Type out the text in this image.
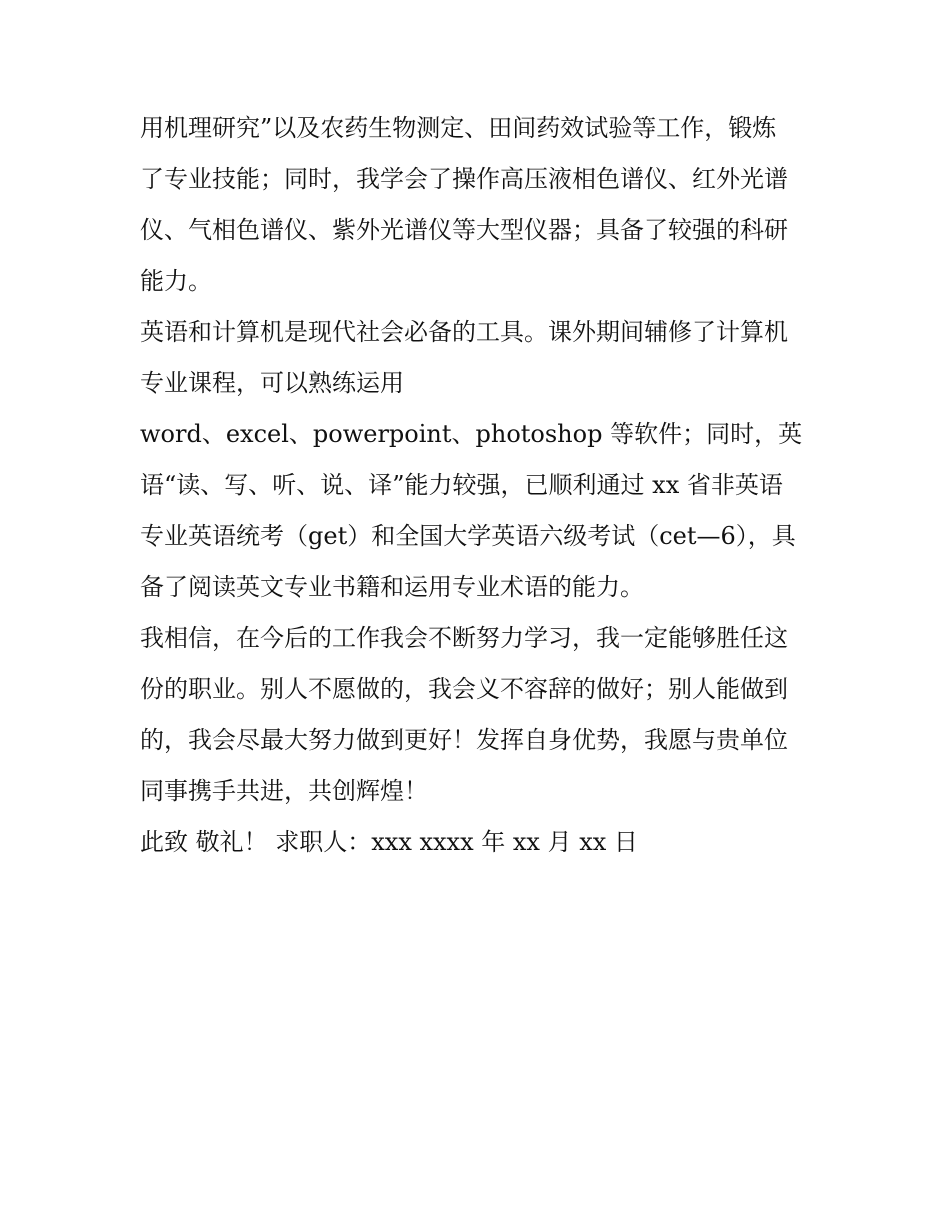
用机理研究”以及农药生物测定、田间药效试验等工作，锻炼
了专业技能；同时，我学会了操作高压液相色谱仪、红外光谱
仪、气相色谱仪、紫外光谱仪等大型仪器；具备了较强的科研
能力。
英语和计算机是现代社会必备的工具。课外期间辅修了计算机
专业课程，可以熟练运用
word、excel、powerpoint、photoshop 等软件；同时，英
语“读、写、听、说、译”能力较强，已顺利通过 xx 省非英语
专业英语统考（get）和全国大学英语六级考试（cet—6），具
备了阅读英文专业书籍和运用专业术语的能力。
我相信，在今后的工作我会不断努力学习，我一定能够胜任这
份的职业。别人不愿做的，我会义不容辞的做好；别人能做到
的，我会尽最大努力做到更好！发挥自身优势，我愿与贵单位
同事携手共进，共创辉煌！
此致 敬礼！ 求职人：xxx xxxx 年 xx 月 xx 日
